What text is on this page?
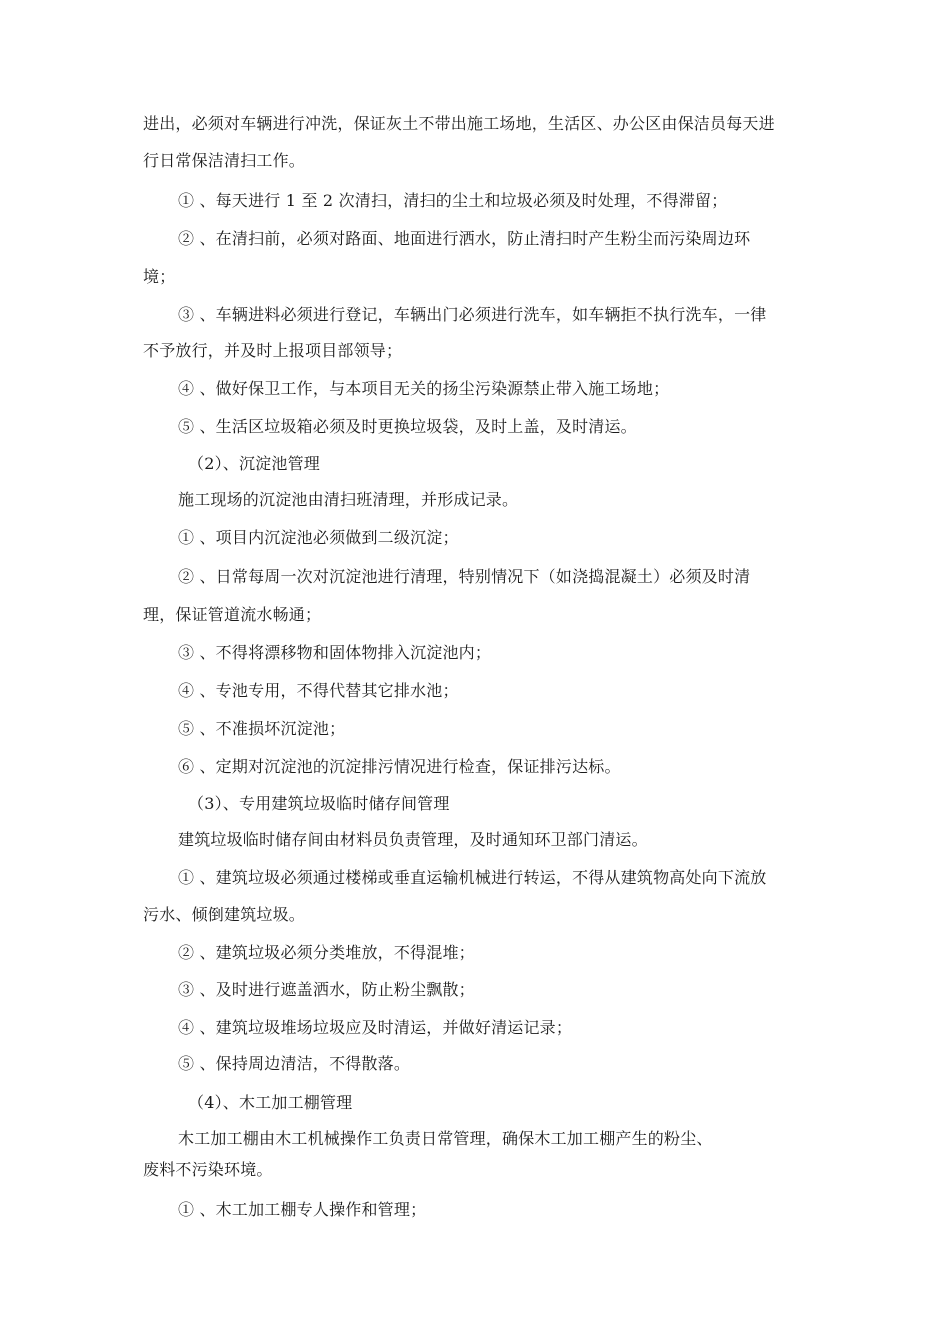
进出，必须对车辆进行冲洗，保证灰土不带出施工场地，生活区、办公区由保洁员每天进
行日常保洁清扫工作。
① 、每天进行 1 至 2 次清扫，清扫的尘土和垃圾必须及时处理，不得滞留；
② 、在清扫前，必须对路面、地面进行洒水，防止清扫时产生粉尘而污染周边环
境；
③ 、车辆进料必须进行登记，车辆出门必须进行洗车，如车辆拒不执行洗车，一律
不予放行，并及时上报项目部领导；
④ 、做好保卫工作，与本项目无关的扬尘污染源禁止带入施工场地；
⑤ 、生活区垃圾箱必须及时更换垃圾袋，及时上盖，及时清运。
（2）、沉淀池管理
施工现场的沉淀池由清扫班清理，并形成记录。
① 、项目内沉淀池必须做到二级沉淀；
② 、日常每周一次对沉淀池进行清理，特别情况下（如浇捣混凝土）必须及时清
理，保证管道流水畅通；
③ 、不得将漂移物和固体物排入沉淀池内；
④ 、专池专用，不得代替其它排水池；
⑤ 、不准损坏沉淀池；
⑥ 、定期对沉淀池的沉淀排污情况进行检查，保证排污达标。
（3）、专用建筑垃圾临时储存间管理
建筑垃圾临时储存间由材料员负责管理，及时通知环卫部门清运。
① 、建筑垃圾必须通过楼梯或垂直运输机械进行转运，不得从建筑物高处向下流放
污水、倾倒建筑垃圾。
② 、建筑垃圾必须分类堆放，不得混堆；
③ 、及时进行遮盖洒水，防止粉尘飘散；
④ 、建筑垃圾堆场垃圾应及时清运，并做好清运记录；
⑤ 、保持周边清洁，不得散落。
（4）、木工加工棚管理
木工加工棚由木工机械操作工负责日常管理，确保木工加工棚产生的粉尘、
废料不污染环境。
① 、木工加工棚专人操作和管理；
